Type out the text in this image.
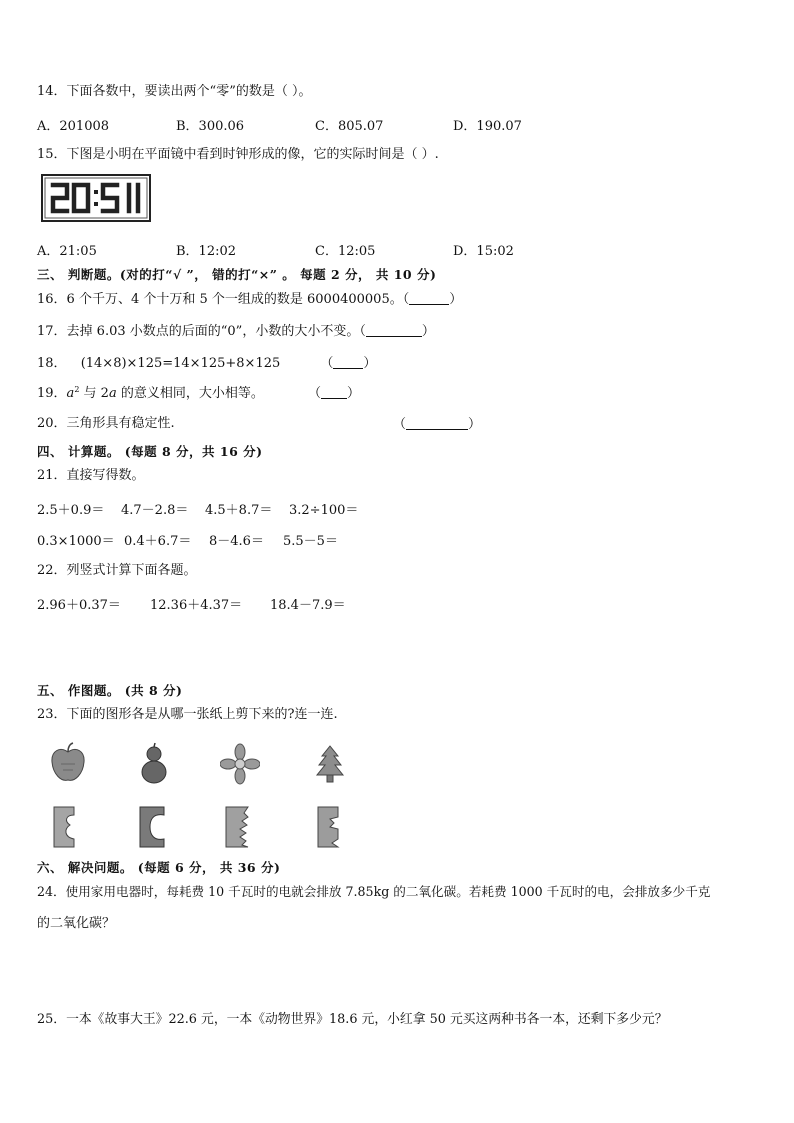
14．下面各数中，要读出两个“零”的数是（ ）。
A．201008	B．300.06	C．805.07	D．190.07
15．下图是小明在平面镜中看到时钟形成的像，它的实际时间是（ ）.
A．21:05	B．12:02	C．12:05	D．15:02
三、 判断题。(对的打“√ ”， 错的打“×” 。 每题 2 分， 共 10 分)
16．6 个千万、4 个十万和 5 个一组成的数是 6000400005。（	）
17．去掉 6.03 小数点的后面的“0”，小数的大小不变。（	）
18． (14×8)×125=14×125+8×125	（ ）
19．$a^2$ 与 2a 的意义相同，大小相等。	（ ）
20．三角形具有稳定性.	（	）
四、 计算题。 (每题 8 分，共 16 分)
21．直接写得数。
2.5＋0.9＝ 4.7－2.8＝ 4.5＋8.7＝ 3.2÷100＝
0.3×1000＝ 0.4＋6.7＝ 8－4.6＝ 5.5－5＝
22．列竖式计算下面各题。
2.96＋0.37＝ 12.36＋4.37＝ 18.4－7.9＝
五、 作图题。 (共 8 分)
23．下面的图形各是从哪一张纸上剪下来的?连一连.
六、 解决问题。 (每题 6 分， 共 36 分)
24．使用家用电器时，每耗费 10 千瓦时的电就会排放 7.85kg 的二氧化碳。若耗费 1000 千瓦时的电，会排放多少千克
的二氧化碳？
25．一本《故事大王》22.6 元，一本《动物世界》18.6 元，小红拿 50 元买这两种书各一本，还剩下多少元？
